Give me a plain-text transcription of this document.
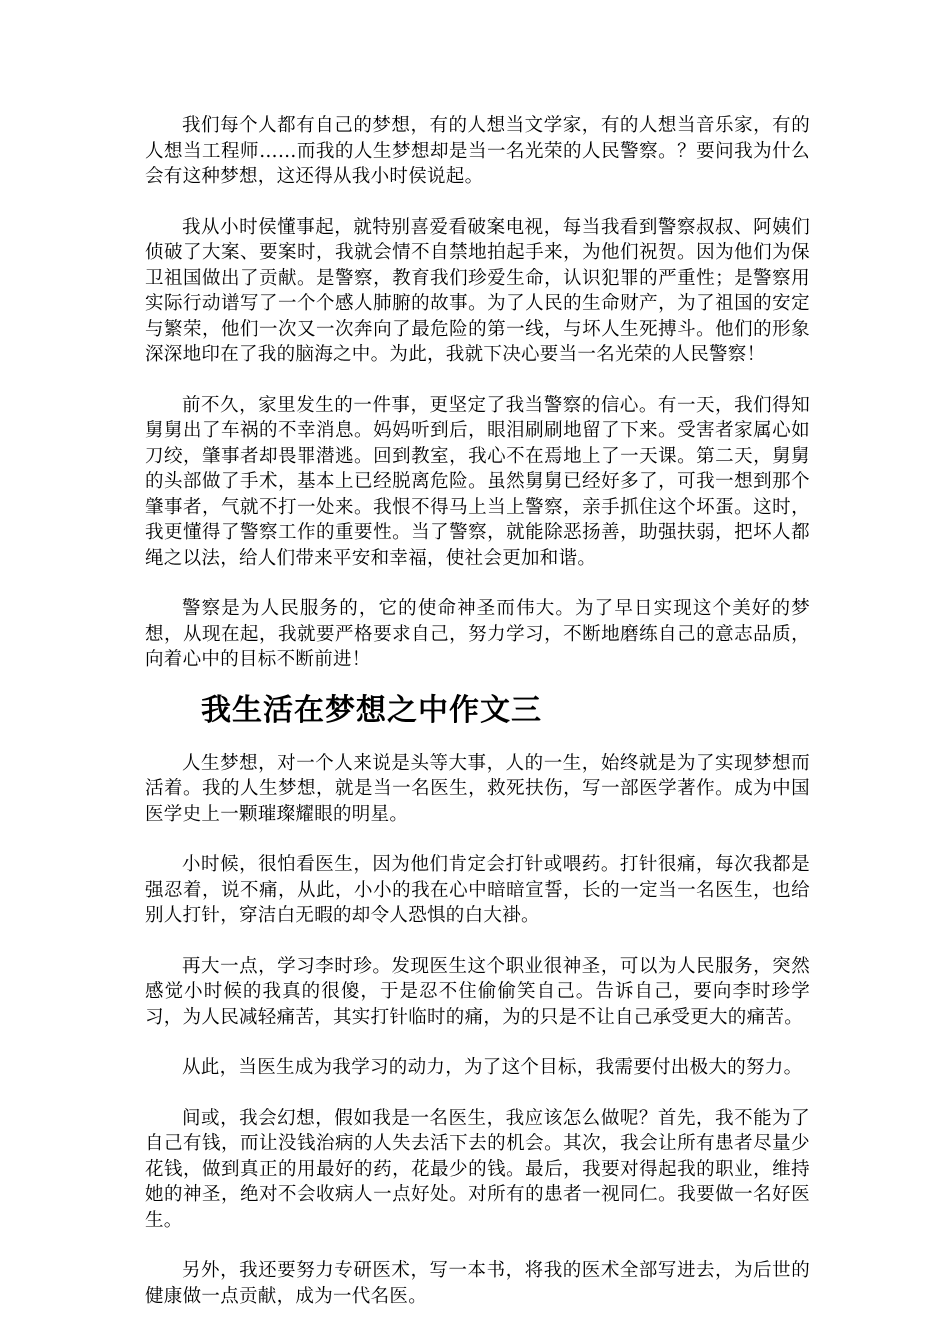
我们每个人都有自己的梦想，有的人想当文学家，有的人想当音乐家，有的人想当工程师……而我的人生梦想却是当一名光荣的人民警察。？要问我为什么会有这种梦想，这还得从我小时侯说起。

我从小时侯懂事起，就特别喜爱看破案电视，每当我看到警察叔叔、阿姨们侦破了大案、要案时，我就会情不自禁地拍起手来，为他们祝贺。因为他们为保卫祖国做出了贡献。是警察，教育我们珍爱生命，认识犯罪的严重性；是警察用实际行动谱写了一个个感人肺腑的故事。为了人民的生命财产，为了祖国的安定与繁荣，他们一次又一次奔向了最危险的第一线，与坏人生死搏斗。他们的形象深深地印在了我的脑海之中。为此，我就下决心要当一名光荣的人民警察！

前不久，家里发生的一件事，更坚定了我当警察的信心。有一天，我们得知舅舅出了车祸的不幸消息。妈妈听到后，眼泪刷刷地留了下来。受害者家属心如刀绞，肇事者却畏罪潜逃。回到教室，我心不在焉地上了一天课。第二天，舅舅的头部做了手术，基本上已经脱离危险。虽然舅舅已经好多了，可我一想到那个肇事者，气就不打一处来。我恨不得马上当上警察，亲手抓住这个坏蛋。这时，我更懂得了警察工作的重要性。当了警察，就能除恶扬善，助强扶弱，把坏人都绳之以法，给人们带来平安和幸福，使社会更加和谐。

警察是为人民服务的，它的使命神圣而伟大。为了早日实现这个美好的梦想，从现在起，我就要严格要求自己，努力学习，不断地磨练自己的意志品质，向着心中的目标不断前进！

我生活在梦想之中作文三

人生梦想，对一个人来说是头等大事，人的一生，始终就是为了实现梦想而活着。我的人生梦想，就是当一名医生，救死扶伤，写一部医学著作。成为中国医学史上一颗璀璨耀眼的明星。

小时候，很怕看医生，因为他们肯定会打针或喂药。打针很痛，每次我都是强忍着，说不痛，从此，小小的我在心中暗暗宣誓，长的一定当一名医生，也给别人打针，穿洁白无暇的却令人恐惧的白大褂。

再大一点，学习李时珍。发现医生这个职业很神圣，可以为人民服务，突然感觉小时候的我真的很傻，于是忍不住偷偷笑自己。告诉自己，要向李时珍学习，为人民减轻痛苦，其实打针临时的痛，为的只是不让自己承受更大的痛苦。

从此，当医生成为我学习的动力，为了这个目标，我需要付出极大的努力。

间或，我会幻想，假如我是一名医生，我应该怎么做呢？首先，我不能为了自己有钱，而让没钱治病的人失去活下去的机会。其次，我会让所有患者尽量少花钱，做到真正的用最好的药，花最少的钱。最后，我要对得起我的职业，维持她的神圣，绝对不会收病人一点好处。对所有的患者一视同仁。我要做一名好医生。

另外，我还要努力专研医术，写一本书，将我的医术全部写进去，为后世的健康做一点贡献，成为一代名医。
